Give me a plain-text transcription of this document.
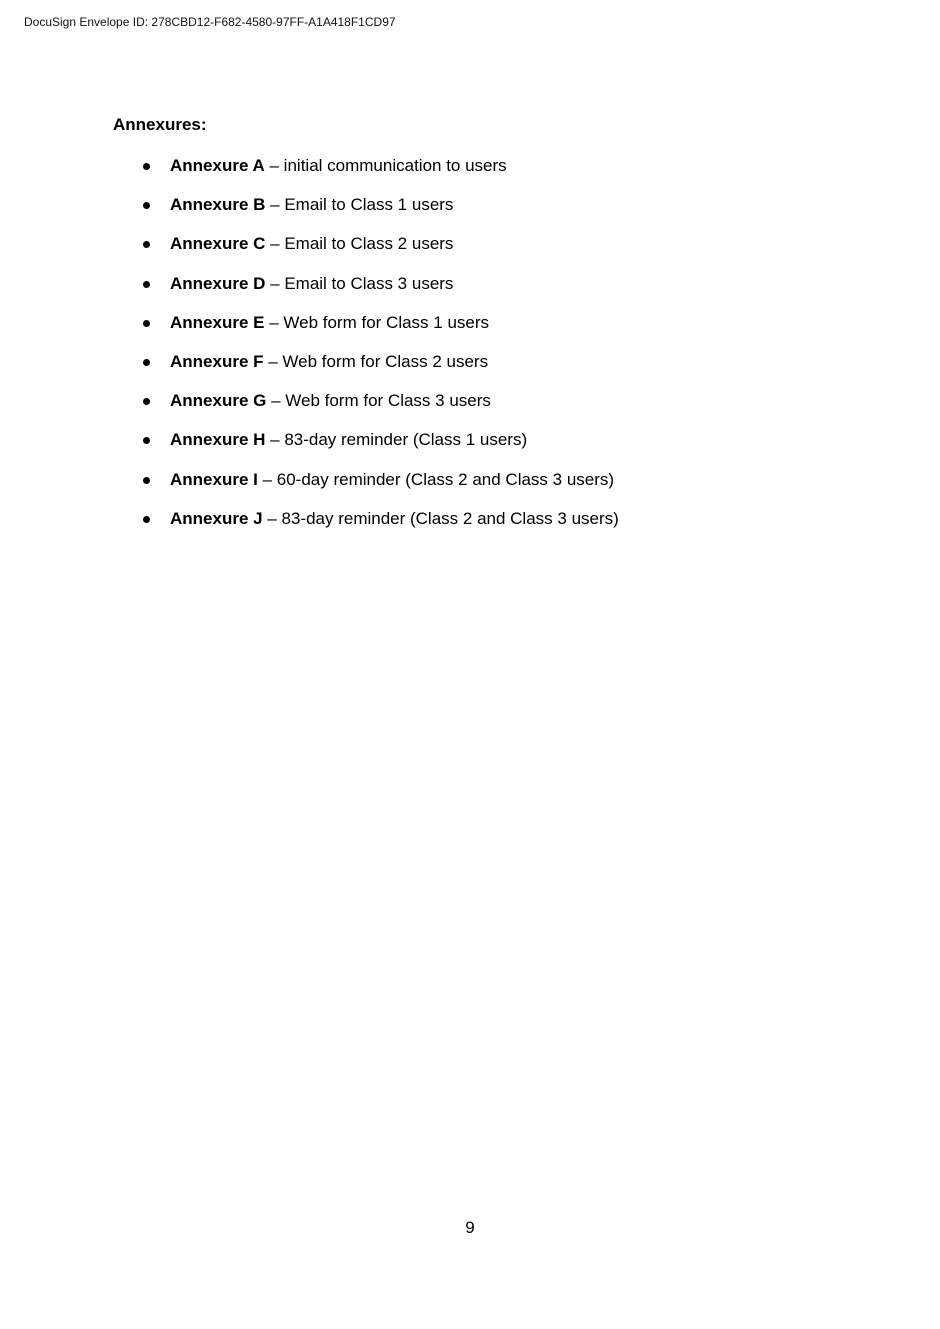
DocuSign Envelope ID: 278CBD12-F682-4580-97FF-A1A418F1CD97
Annexures:
Annexure A – initial communication to users
Annexure B – Email to Class 1 users
Annexure C – Email to Class 2 users
Annexure D – Email to Class 3 users
Annexure E – Web form for Class 1 users
Annexure F – Web form for Class 2 users
Annexure G – Web form for Class 3 users
Annexure H – 83-day reminder (Class 1 users)
Annexure I – 60-day reminder (Class 2 and Class 3 users)
Annexure J – 83-day reminder (Class 2 and Class 3 users)
9
